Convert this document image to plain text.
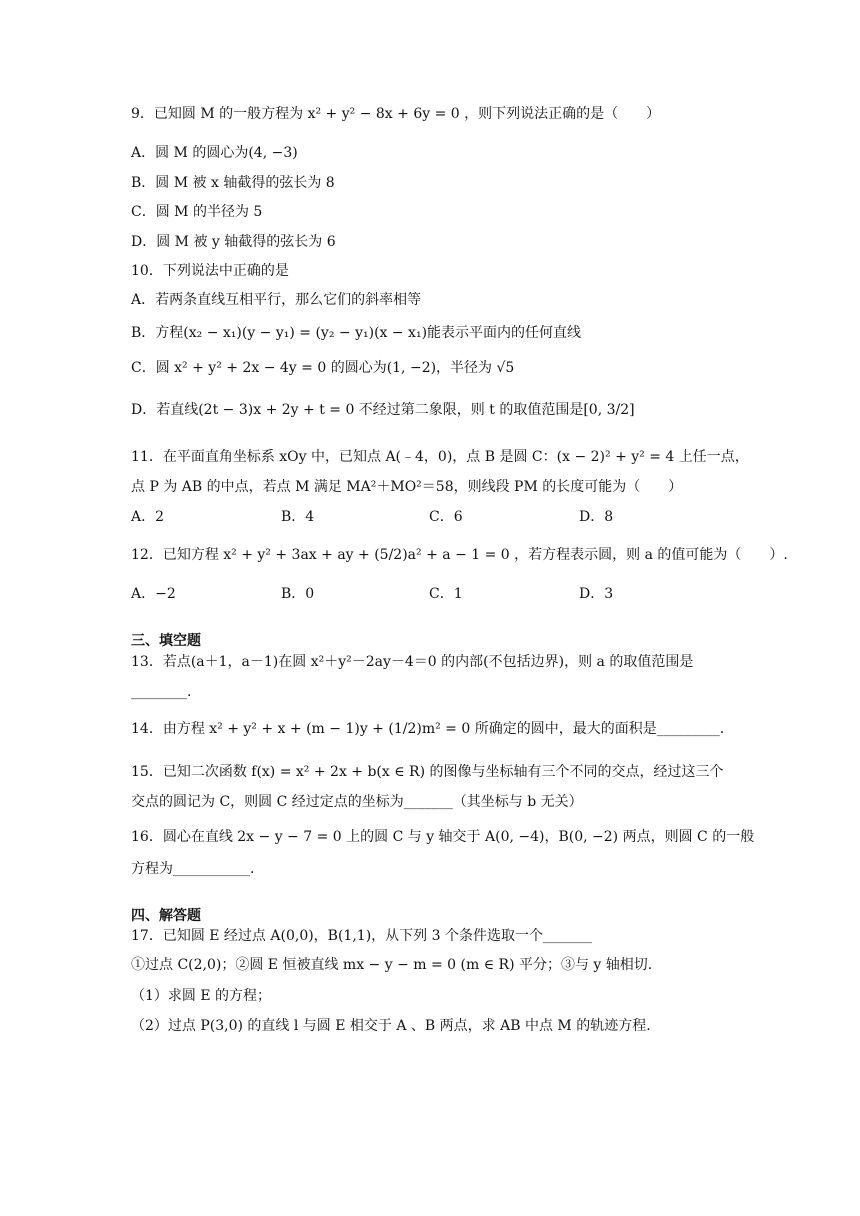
9．已知圆 M 的一般方程为 x² + y² − 8x + 6y = 0 ，则下列说法正确的是（　　）
A．圆 M 的圆心为(4, −3)
B．圆 M 被 x 轴截得的弦长为 8
C．圆 M 的半径为 5
D．圆 M 被 y 轴截得的弦长为 6
10．下列说法中正确的是
A．若两条直线互相平行，那么它们的斜率相等
B．方程(x₂ − x₁)(y − y₁) = (y₂ − y₁)(x − x₁)能表示平面内的任何直线
C．圆 x² + y² + 2x − 4y = 0 的圆心为(1, −2)，半径为 √5
D．若直线(2t − 3)x + 2y + t = 0 不经过第二象限，则 t 的取值范围是[0, 3/2]
11．在平面直角坐标系 xOy 中，已知点 A(﹣4，0)，点 B 是圆 C：(x − 2)² + y² = 4 上任一点，
点 P 为 AB 的中点，若点 M 满足 MA²＋MO²＝58，则线段 PM 的长度可能为（　　）
A．2	B．4	C．6	D．8
12．已知方程 x² + y² + 3ax + ay + (5/2)a² + a − 1 = 0 ，若方程表示圆，则 a 的值可能为（　　）.
A．−2	B．0	C．1	D．3
三、填空题
13．若点(a＋1，a－1)在圆 x²＋y²－2ay－4＝0 的内部(不包括边界)，则 a 的取值范围是
________.
14．由方程 x² + y² + x + (m − 1)y + (1/2)m² = 0 所确定的圆中，最大的面积是_________.
15．已知二次函数 f(x) = x² + 2x + b(x ∈ R) 的图像与坐标轴有三个不同的交点，经过这三个
交点的圆记为 C，则圆 C 经过定点的坐标为_______（其坐标与 b 无关）
16．圆心在直线 2x − y − 7 = 0 上的圆 C 与 y 轴交于 A(0, −4)，B(0, −2) 两点，则圆 C 的一般
方程为___________.
四、解答题
17．已知圆 E 经过点 A(0,0)，B(1,1)，从下列 3 个条件选取一个_______
①过点 C(2,0)；②圆 E 恒被直线 mx − y − m = 0 (m ∈ R) 平分；③与 y 轴相切.
（1）求圆 E 的方程；
（2）过点 P(3,0) 的直线 l 与圆 E 相交于 A 、B 两点，求 AB 中点 M 的轨迹方程.
